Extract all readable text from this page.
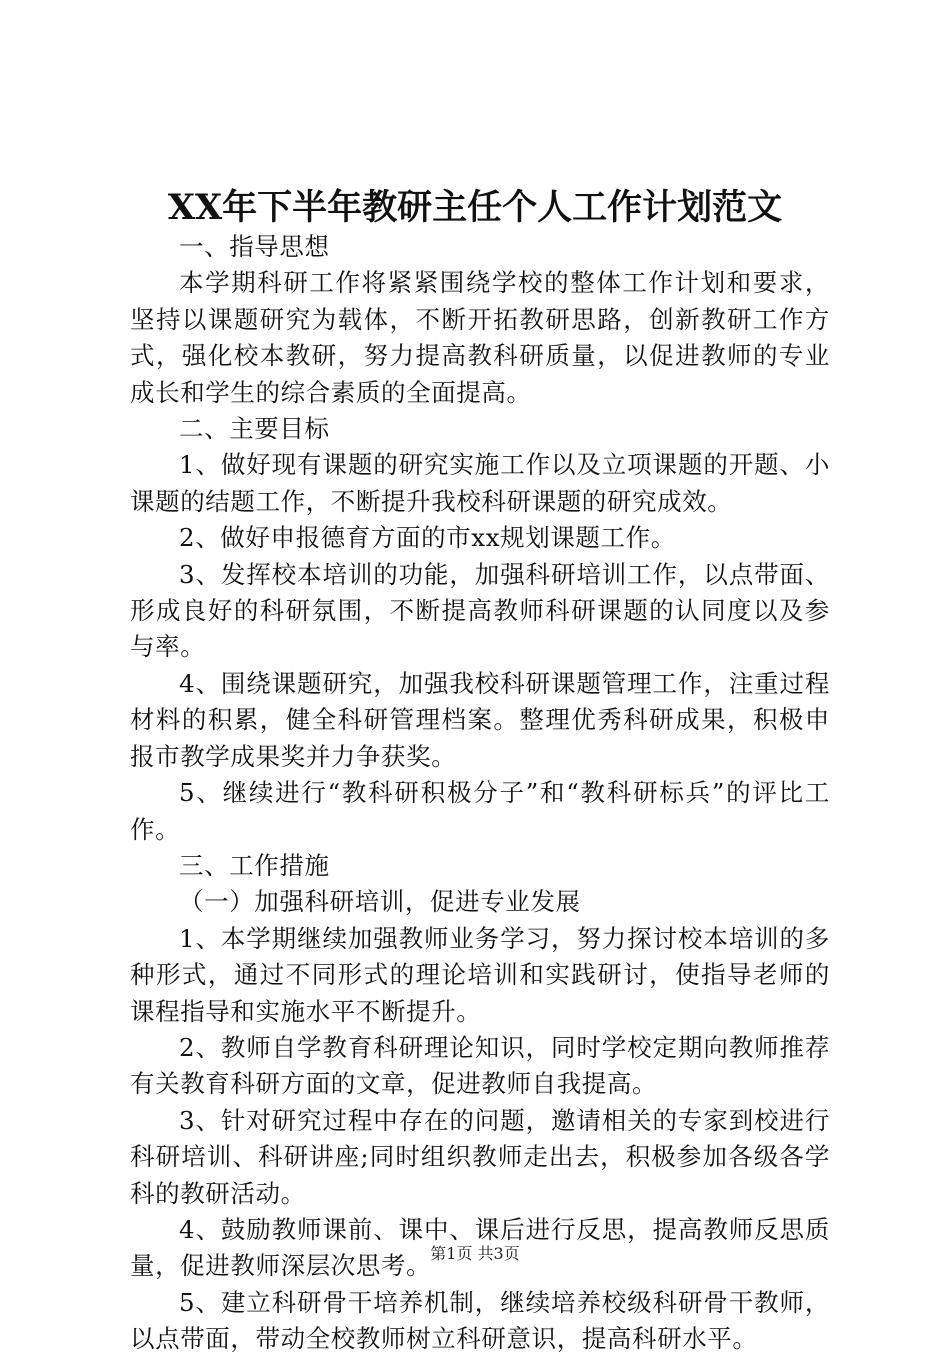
XX年下半年教研主任个人工作计划范文

一、指导思想

本学期科研工作将紧紧围绕学校的整体工作计划和要求，坚持以课题研究为载体，不断开拓教研思路，创新教研工作方式，强化校本教研，努力提高教科研质量，以促进教师的专业成长和学生的综合素质的全面提高。

二、主要目标

1、做好现有课题的研究实施工作以及立项课题的开题、小课题的结题工作，不断提升我校科研课题的研究成效。

2、做好申报德育方面的市xx规划课题工作。

3、发挥校本培训的功能，加强科研培训工作，以点带面、形成良好的科研氛围，不断提高教师科研课题的认同度以及参与率。

4、围绕课题研究，加强我校科研课题管理工作，注重过程材料的积累，健全科研管理档案。整理优秀科研成果，积极申报市教学成果奖并力争获奖。

5、继续进行“教科研积极分子”和“教科研标兵”的评比工作。

三、工作措施

（一）加强科研培训，促进专业发展

1、本学期继续加强教师业务学习，努力探讨校本培训的多种形式，通过不同形式的理论培训和实践研讨，使指导老师的课程指导和实施水平不断提升。

2、教师自学教育科研理论知识，同时学校定期向教师推荐有关教育科研方面的文章，促进教师自我提高。

3、针对研究过程中存在的问题，邀请相关的专家到校进行科研培训、科研讲座;同时组织教师走出去，积极参加各级各学科的教研活动。

4、鼓励教师课前、课中、课后进行反思，提高教师反思质量，促进教师深层次思考。

5、建立科研骨干培养机制，继续培养校级科研骨干教师，以点带面，带动全校教师树立科研意识，提高科研水平。

第1页 共3页
